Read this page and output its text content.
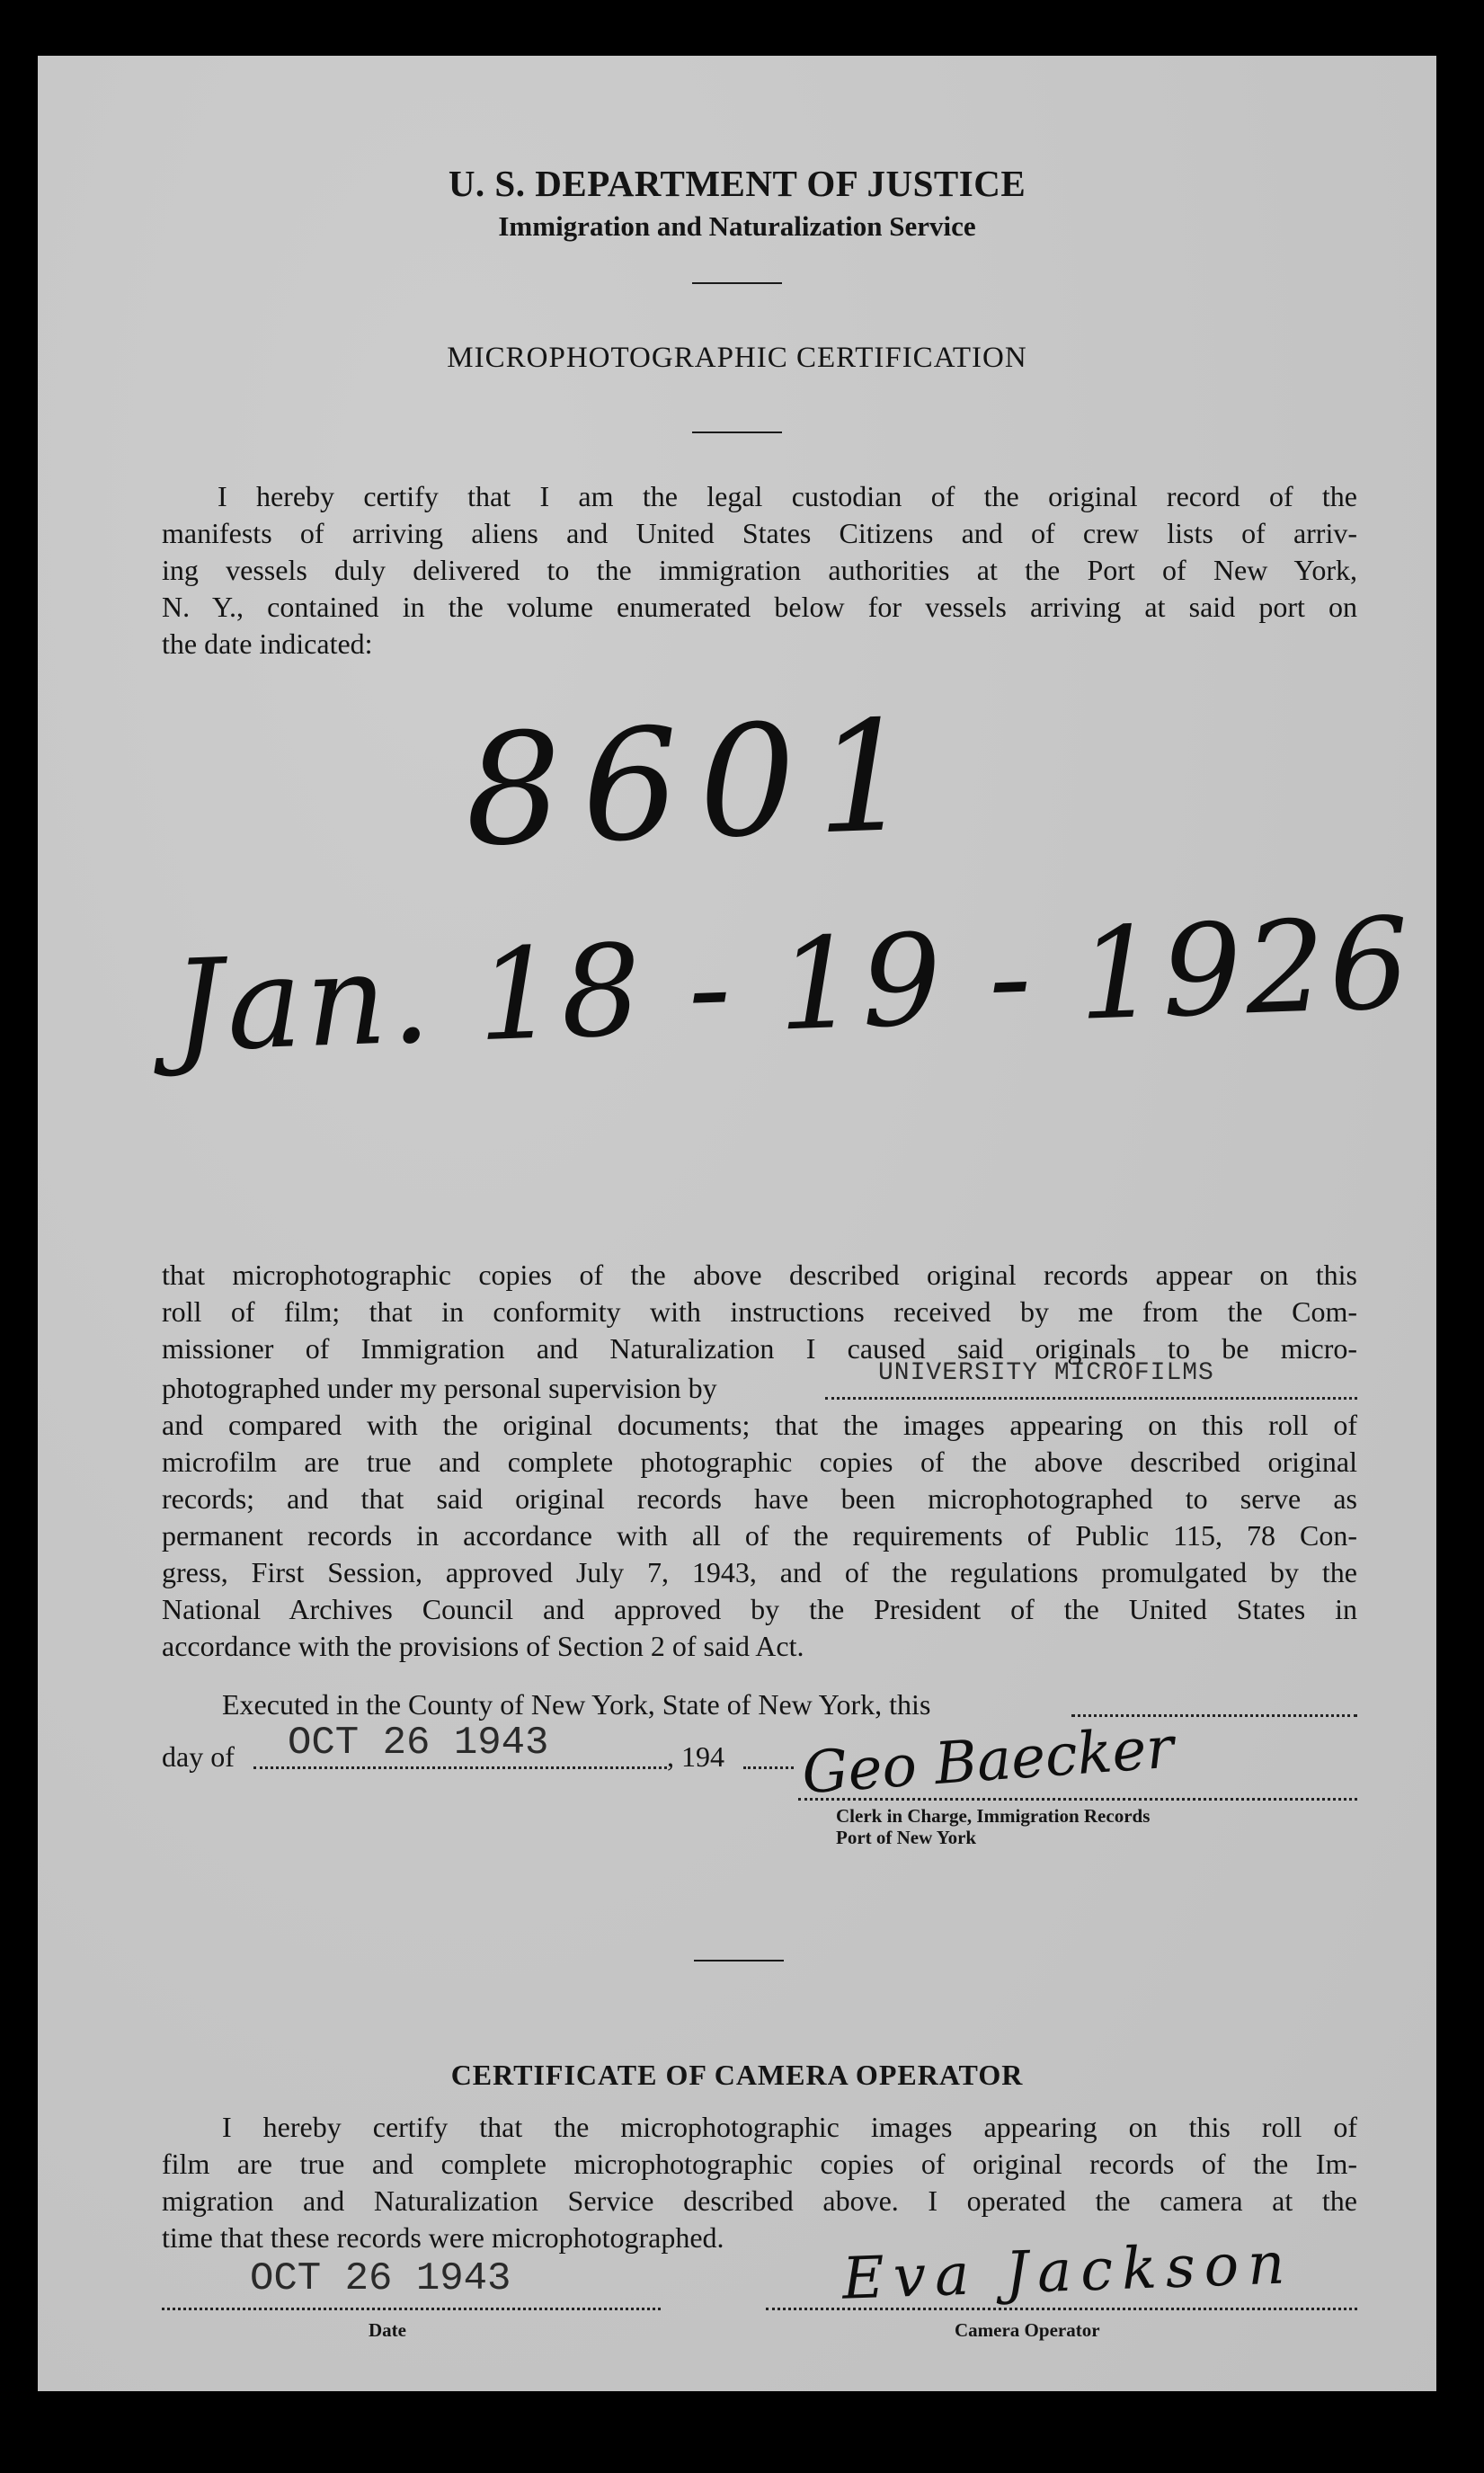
U. S. DEPARTMENT OF JUSTICE
Immigration and Naturalization Service
MICROPHOTOGRAPHIC CERTIFICATION
I hereby certify that I am the legal custodian of the original record of the
manifests of arriving aliens and United States Citizens and of crew lists of arriv-
ing vessels duly delivered to the immigration authorities at the Port of New York,
N. Y., contained in the volume enumerated below for vessels arriving at said port on
the date indicated:
8601
Jan. 18 - 19 - 1926
that microphotographic copies of the above described original records appear on this
roll of film; that in conformity with instructions received by me from the Com-
missioner of Immigration and Naturalization I caused said originals to be micro-
photographed under my personal supervision by	UNIVERSITY MICROFILMS
and compared with the original documents; that the images appearing on this roll of
microfilm are true and complete photographic copies of the above described original
records; and that said original records have been microphotographed to serve as
permanent records in accordance with all of the requirements of Public 115, 78 Con-
gress, First Session, approved July 7, 1943, and of the regulations promulgated by the
National Archives Council and approved by the President of the United States in
accordance with the provisions of Section 2 of said Act.
Executed in the County of New York, State of New York, this
day of OCT 26 1943	, 194 Geo Baecker
Clerk in Charge, Immigration Records
Port of New York
CERTIFICATE OF CAMERA OPERATOR
I hereby certify that the microphotographic images appearing on this roll of
film are true and complete microphotographic copies of original records of the Im-
migration and Naturalization Service described above. I operated the camera at the
time that these records were microphotographed.
OCT 26 1943
Date
Eva Jackson
Camera Operator
